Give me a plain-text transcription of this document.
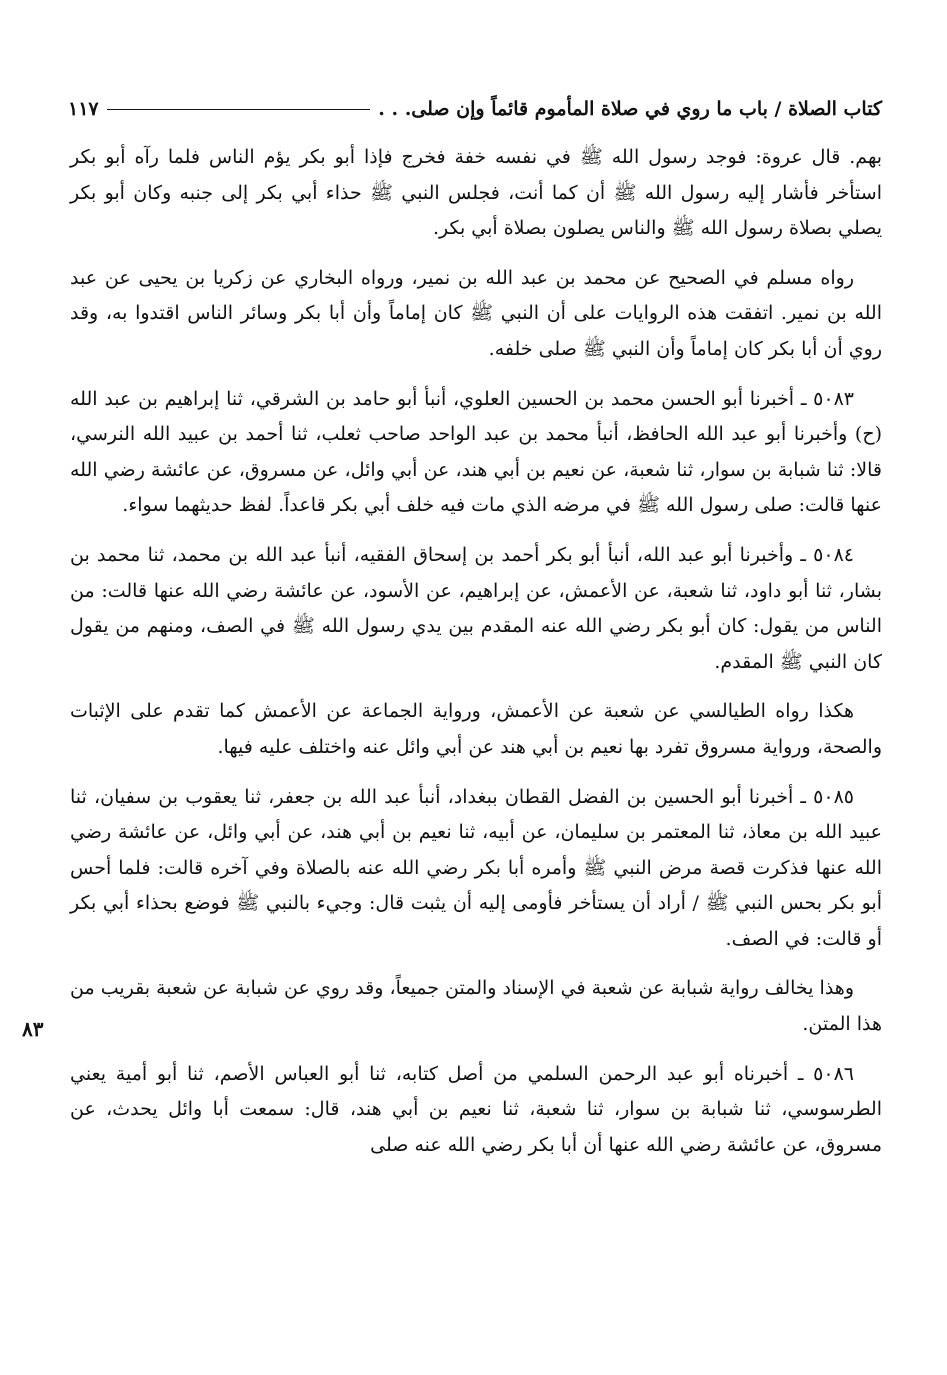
كتاب الصلاة / باب ما روي في صلاة المأموم قائماً وإن صلى. . .
١١٧

بهم. قال عروة: فوجد رسول الله ﷺ في نفسه خفة فخرج فإذا أبو بكر يؤم الناس فلما رآه أبو بكر استأخر فأشار إليه رسول الله ﷺ أن كما أنت، فجلس النبي ﷺ حذاء أبي بكر إلى جنبه وكان أبو بكر يصلي بصلاة رسول الله ﷺ والناس يصلون بصلاة أبي بكر.

رواه مسلم في الصحيح عن محمد بن عبد الله بن نمير، ورواه البخاري عن زكريا بن يحيى عن عبد الله بن نمير. اتفقت هذه الروايات على أن النبي ﷺ كان إماماً وأن أبا بكر وسائر الناس اقتدوا به، وقد روي أن أبا بكر كان إماماً وأن النبي ﷺ صلى خلفه.

٥٠٨٣ ـ أخبرنا أبو الحسن محمد بن الحسين العلوي، أنبأ أبو حامد بن الشرقي، ثنا إبراهيم بن عبد الله (ح) وأخبرنا أبو عبد الله الحافظ، أنبأ محمد بن عبد الواحد صاحب ثعلب، ثنا أحمد بن عبيد الله النرسي، قالا: ثنا شبابة بن سوار، ثنا شعبة، عن نعيم بن أبي هند، عن أبي وائل، عن مسروق، عن عائشة رضي الله عنها قالت: صلى رسول الله ﷺ في مرضه الذي مات فيه خلف أبي بكر قاعداً. لفظ حديثهما سواء.

٥٠٨٤ ـ وأخبرنا أبو عبد الله، أنبأ أبو بكر أحمد بن إسحاق الفقيه، أنبأ عبد الله بن محمد، ثنا محمد بن بشار، ثنا أبو داود، ثنا شعبة، عن الأعمش، عن إبراهيم، عن الأسود، عن عائشة رضي الله عنها قالت: من الناس من يقول: كان أبو بكر رضي الله عنه المقدم بين يدي رسول الله ﷺ في الصف، ومنهم من يقول كان النبي ﷺ المقدم.

هكذا رواه الطيالسي عن شعبة عن الأعمش، ورواية الجماعة عن الأعمش كما تقدم على الإثبات والصحة، ورواية مسروق تفرد بها نعيم بن أبي هند عن أبي وائل عنه واختلف عليه فيها.

٥٠٨٥ ـ أخبرنا أبو الحسين بن الفضل القطان ببغداد، أنبأ عبد الله بن جعفر، ثنا يعقوب بن سفيان، ثنا عبيد الله بن معاذ، ثنا المعتمر بن سليمان، عن أبيه، ثنا نعيم بن أبي هند، عن أبي وائل، عن عائشة رضي الله عنها فذكرت قصة مرض النبي ﷺ وأمره أبا بكر رضي الله عنه بالصلاة وفي آخره قالت: فلما أحس أبو بكر بحس النبي ﷺ / أراد أن يستأخر فأومى إليه أن يثبت قال: وجيء بالنبي ﷺ فوضع بحذاء أبي بكر أو قالت: في الصف.

وهذا يخالف رواية شبابة عن شعبة في الإسناد والمتن جميعاً، وقد روي عن شبابة عن شعبة بقريب من هذا المتن.

٥٠٨٦ ـ أخبرناه أبو عبد الرحمن السلمي من أصل كتابه، ثنا أبو العباس الأصم، ثنا أبو أمية يعني الطرسوسي، ثنا شبابة بن سوار، ثنا شعبة، ثنا نعيم بن أبي هند، قال: سمعت أبا وائل يحدث، عن مسروق، عن عائشة رضي الله عنها أن أبا بكر رضي الله عنه صلى

٨٣
